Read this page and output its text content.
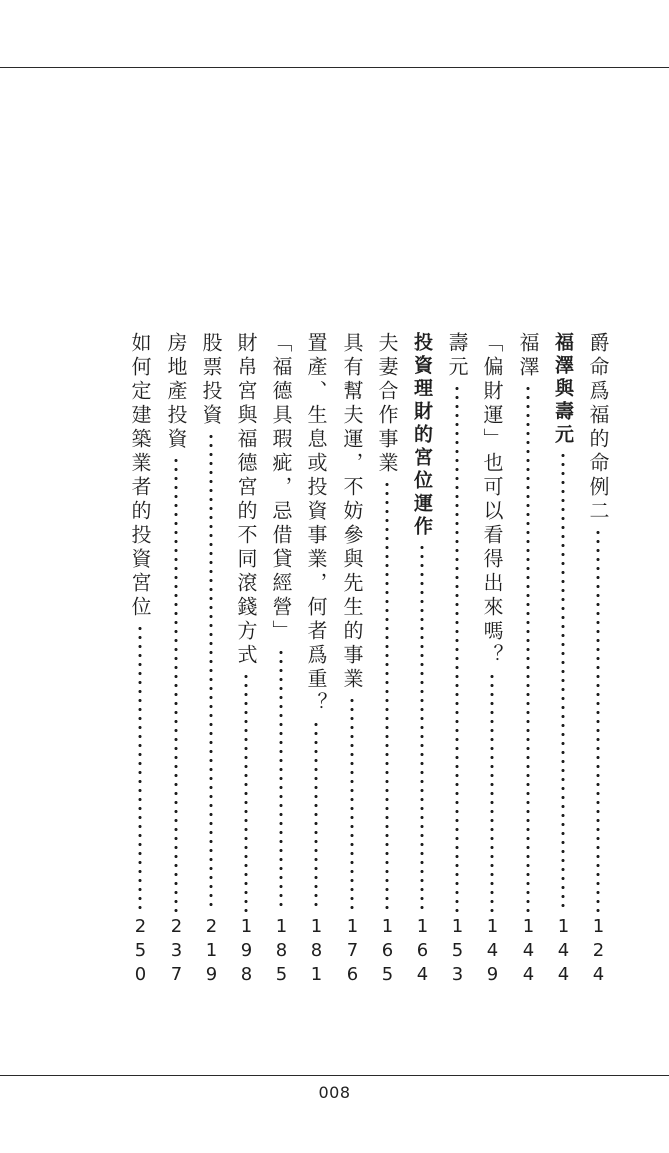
爵命爲福的命例二
124
福澤與壽元
144
福澤
144
「偏財運」也可以看得出來嗎？
149
壽元
153
投資理財的宮位運作
164
夫妻合作事業
165
具有幫夫運，不妨參與先生的事業
176
置產、生息或投資事業，何者爲重？
181
「福德具瑕疵，忌借貸經營」
185
財帛宮與福德宮的不同滾錢方式
198
股票投資
219
房地產投資
237
如何定建築業者的投資宮位
250
008
